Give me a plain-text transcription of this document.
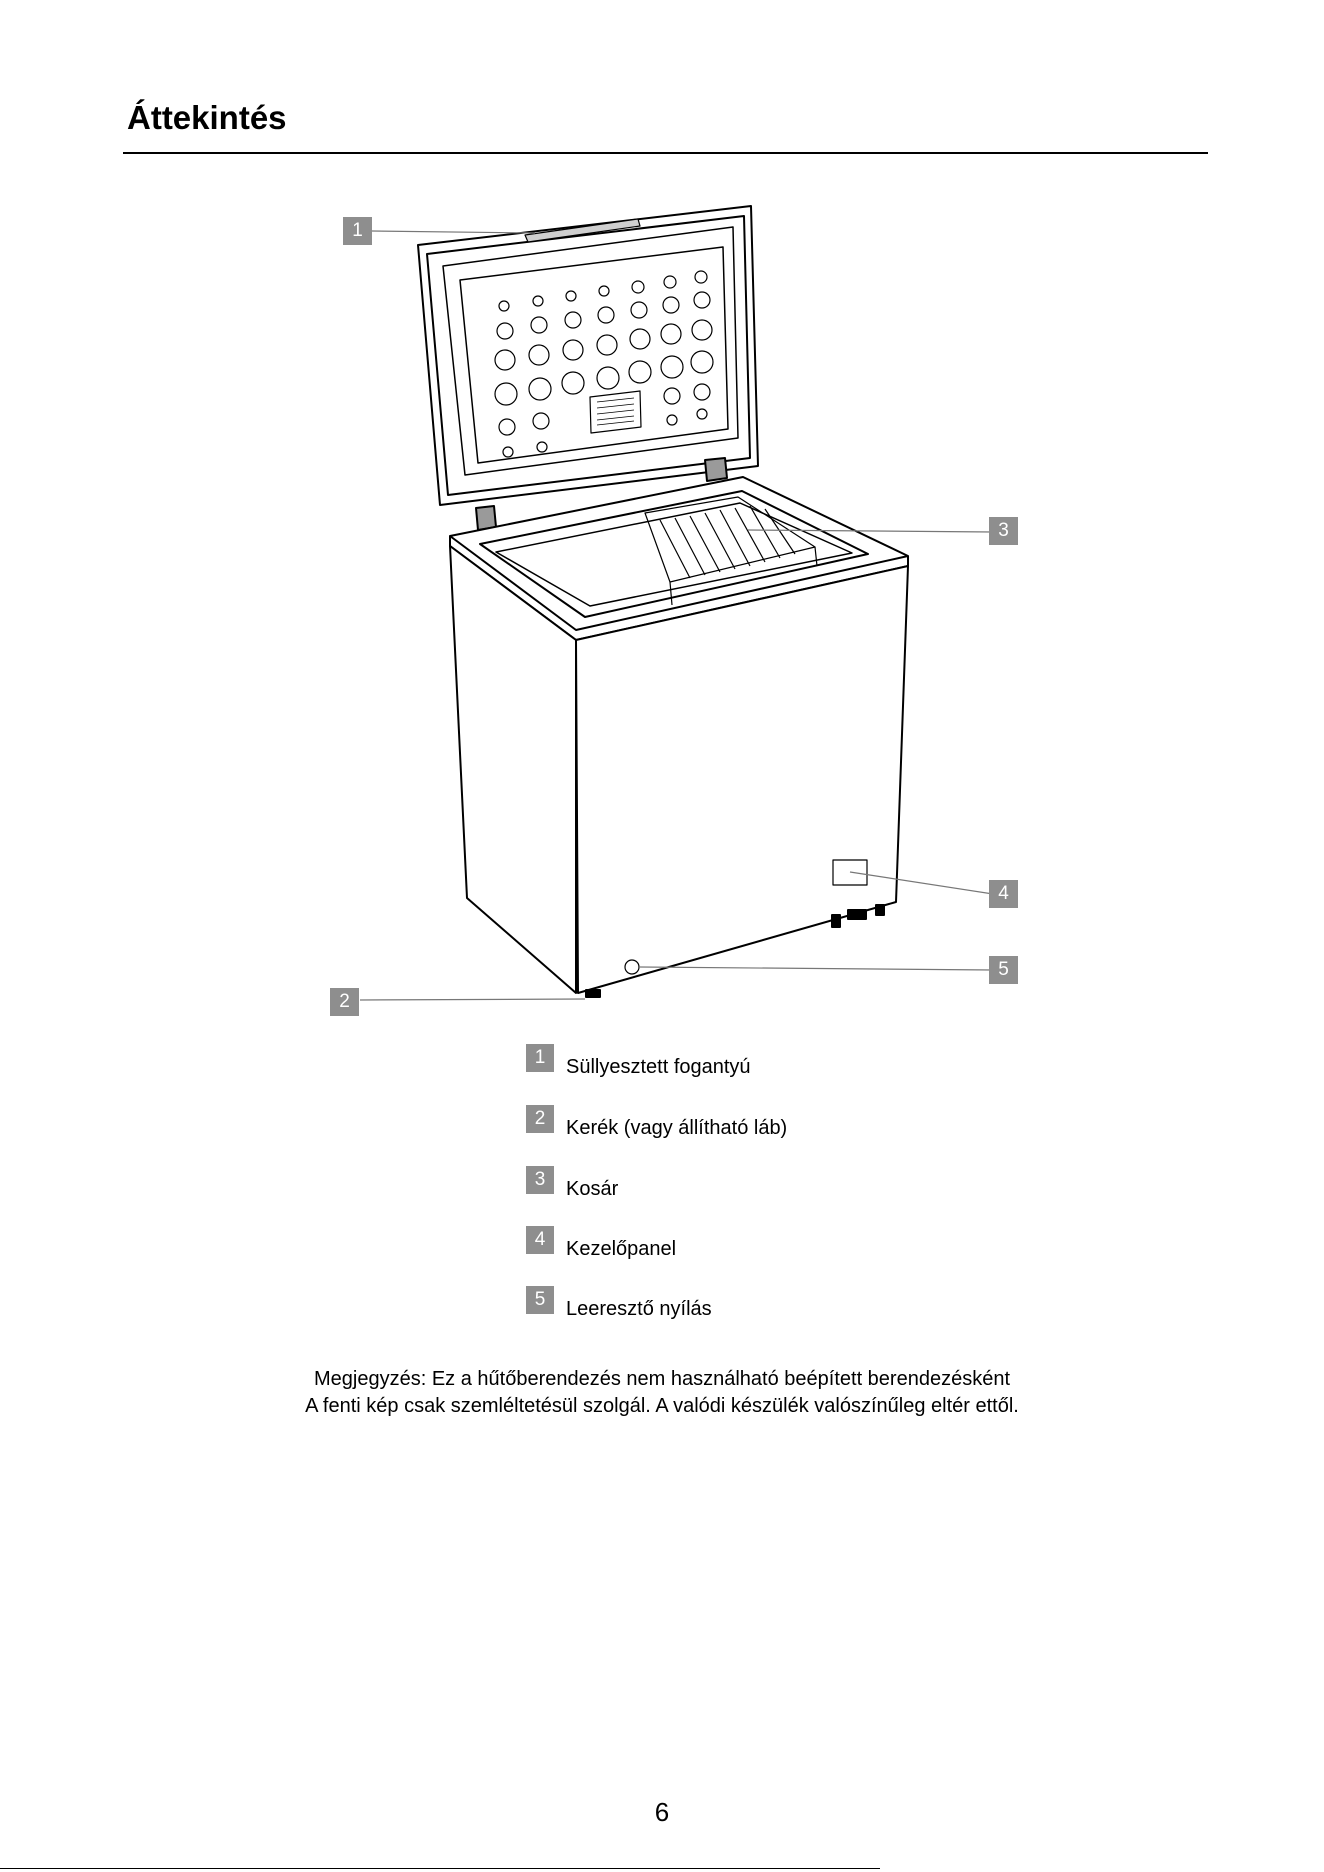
Áttekintés
1
2
3
4
5
1	Süllyesztett fogantyú
2	Kerék (vagy állítható láb)
3	Kosár
4	Kezelőpanel
5	Leeresztő nyílás
Megjegyzés: Ez a hűtőberendezés nem használható beépített berendezésként
A fenti kép csak szemléltetésül szolgál. A valódi készülék valószínűleg eltér ettől.
6
